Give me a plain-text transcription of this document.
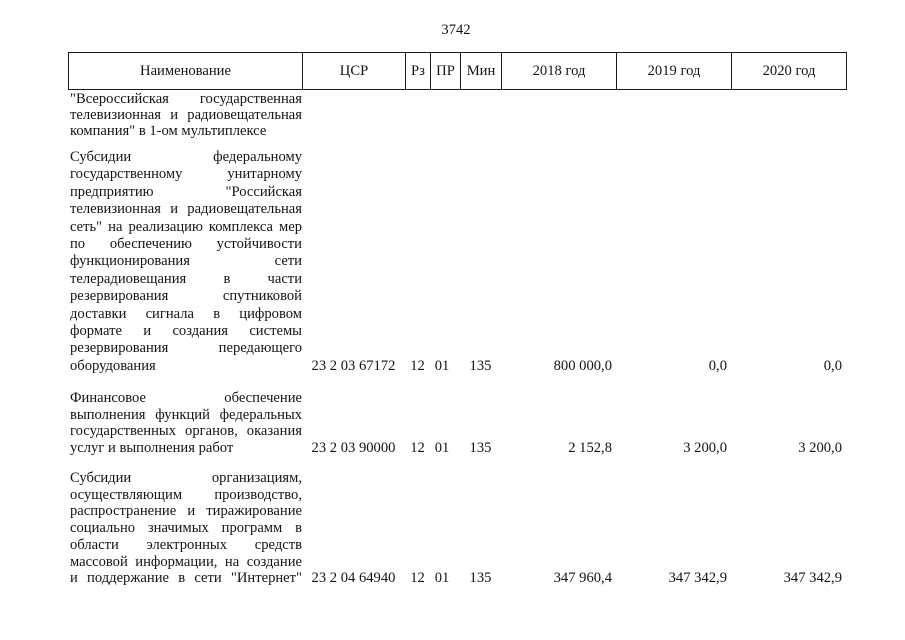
3742
Наименование	ЦСР	Рз ПР Мин	2018 год	2019 год	2020 год
"Всероссийская государственная
телевизионная и радиовещательная
компания" в 1-ом мультиплексе
Субсидии федеральному
государственному унитарному
предприятию "Российская
телевизионная и радиовещательная
сеть" на реализацию комплекса мер
по обеспечению устойчивости
функционирования сети
телерадиовещания в части
резервирования спутниковой
доставки сигнала в цифровом
формате и создания системы
резервирования передающего
оборудования	23 2 03 67172	12 01	135	800 000,0	0,0	0,0
Финансовое обеспечение
выполнения функций федеральных
государственных органов, оказания
услуг и выполнения работ	23 2 03 90000	12 01	135	2 152,8	3 200,0	3 200,0
Субсидии организациям,
осуществляющим производство,
распространение и тиражирование
социально значимых программ в
области электронных средств
массовой информации, на создание
и поддержание в сети "Интернет" 23 2 04 64940	12 01	135	347 960,4	347 342,9	347 342,9
